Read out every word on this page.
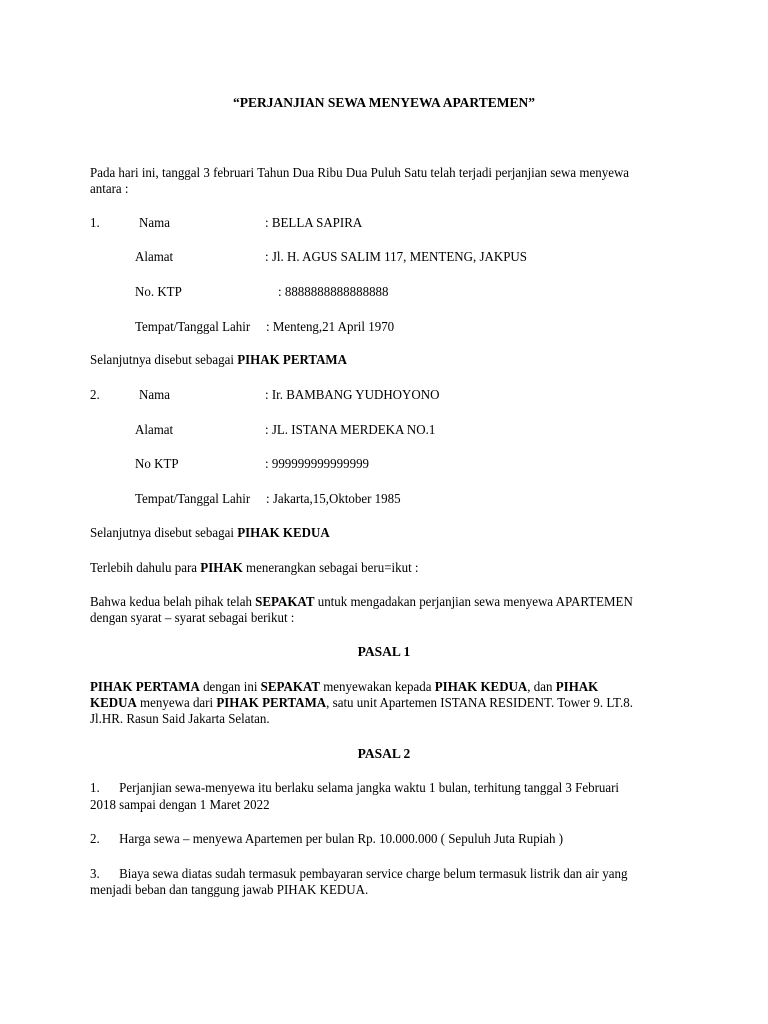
“PERJANJIAN SEWA MENYEWA APARTEMEN”
Pada hari ini, tanggal 3 februari Tahun Dua Ribu Dua Puluh Satu telah terjadi perjanjian sewa menyewa
antara :
1.	Nama	: BELLA SAPIRA
Alamat	: Jl. H. AGUS SALIM 117, MENTENG, JAKPUS
No. KTP	: 8888888888888888
Tempat/Tanggal Lahir : Menteng,21 April 1970
Selanjutnya disebut sebagai PIHAK PERTAMA
2.	Nama	: Ir. BAMBANG YUDHOYONO
Alamat	: JL. ISTANA MERDEKA NO.1
No KTP	: 999999999999999
Tempat/Tanggal Lahir : Jakarta,15,Oktober 1985
Selanjutnya disebut sebagai PIHAK KEDUA
Terlebih dahulu para PIHAK menerangkan sebagai beru=ikut :
Bahwa kedua belah pihak telah SEPAKAT untuk mengadakan perjanjian sewa menyewa APARTEMEN
dengan syarat – syarat sebagai berikut :
PASAL 1
PIHAK PERTAMA dengan ini SEPAKAT menyewakan kepada PIHAK KEDUA, dan PIHAK
KEDUA menyewa dari PIHAK PERTAMA, satu unit Apartemen ISTANA RESIDENT. Tower 9. LT.8.
Jl.HR. Rasun Said Jakarta Selatan.
PASAL 2
1.      Perjanjian sewa-menyewa itu berlaku selama jangka waktu 1 bulan, terhitung tanggal 3 Februari
2018 sampai dengan 1 Maret 2022
2.      Harga sewa – menyewa Apartemen per bulan Rp. 10.000.000 ( Sepuluh Juta Rupiah )
3.      Biaya sewa diatas sudah termasuk pembayaran service charge belum termasuk listrik dan air yang
menjadi beban dan tanggung jawab PIHAK KEDUA.
